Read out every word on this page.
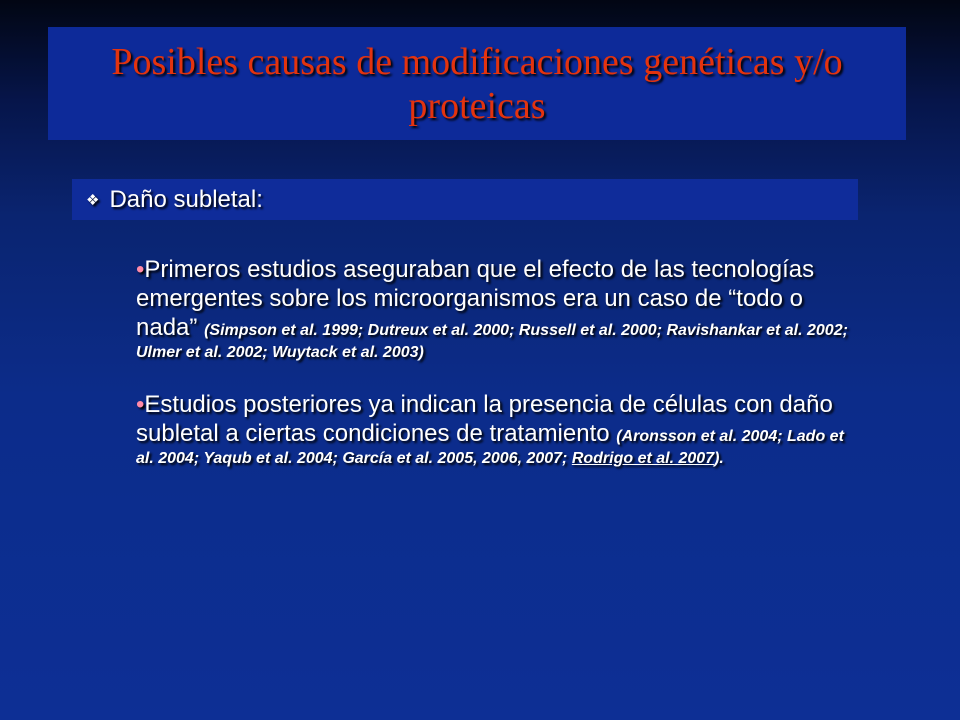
Posibles causas de modificaciones genéticas y/o proteicas
❖ Daño subletal:

•Primeros estudios aseguraban que el efecto de las tecnologías emergentes sobre los microorganismos era un caso de “todo o nada” (Simpson et al. 1999; Dutreux et al. 2000; Russell et al. 2000; Ravishankar et al. 2002; Ulmer et al. 2002; Wuytack et al. 2003)

•Estudios posteriores ya indican la presencia de células con daño subletal a ciertas condiciones de tratamiento (Aronsson et al. 2004; Lado et al. 2004; Yaqub et al. 2004; García et al. 2005, 2006, 2007; Rodrigo et al. 2007).
